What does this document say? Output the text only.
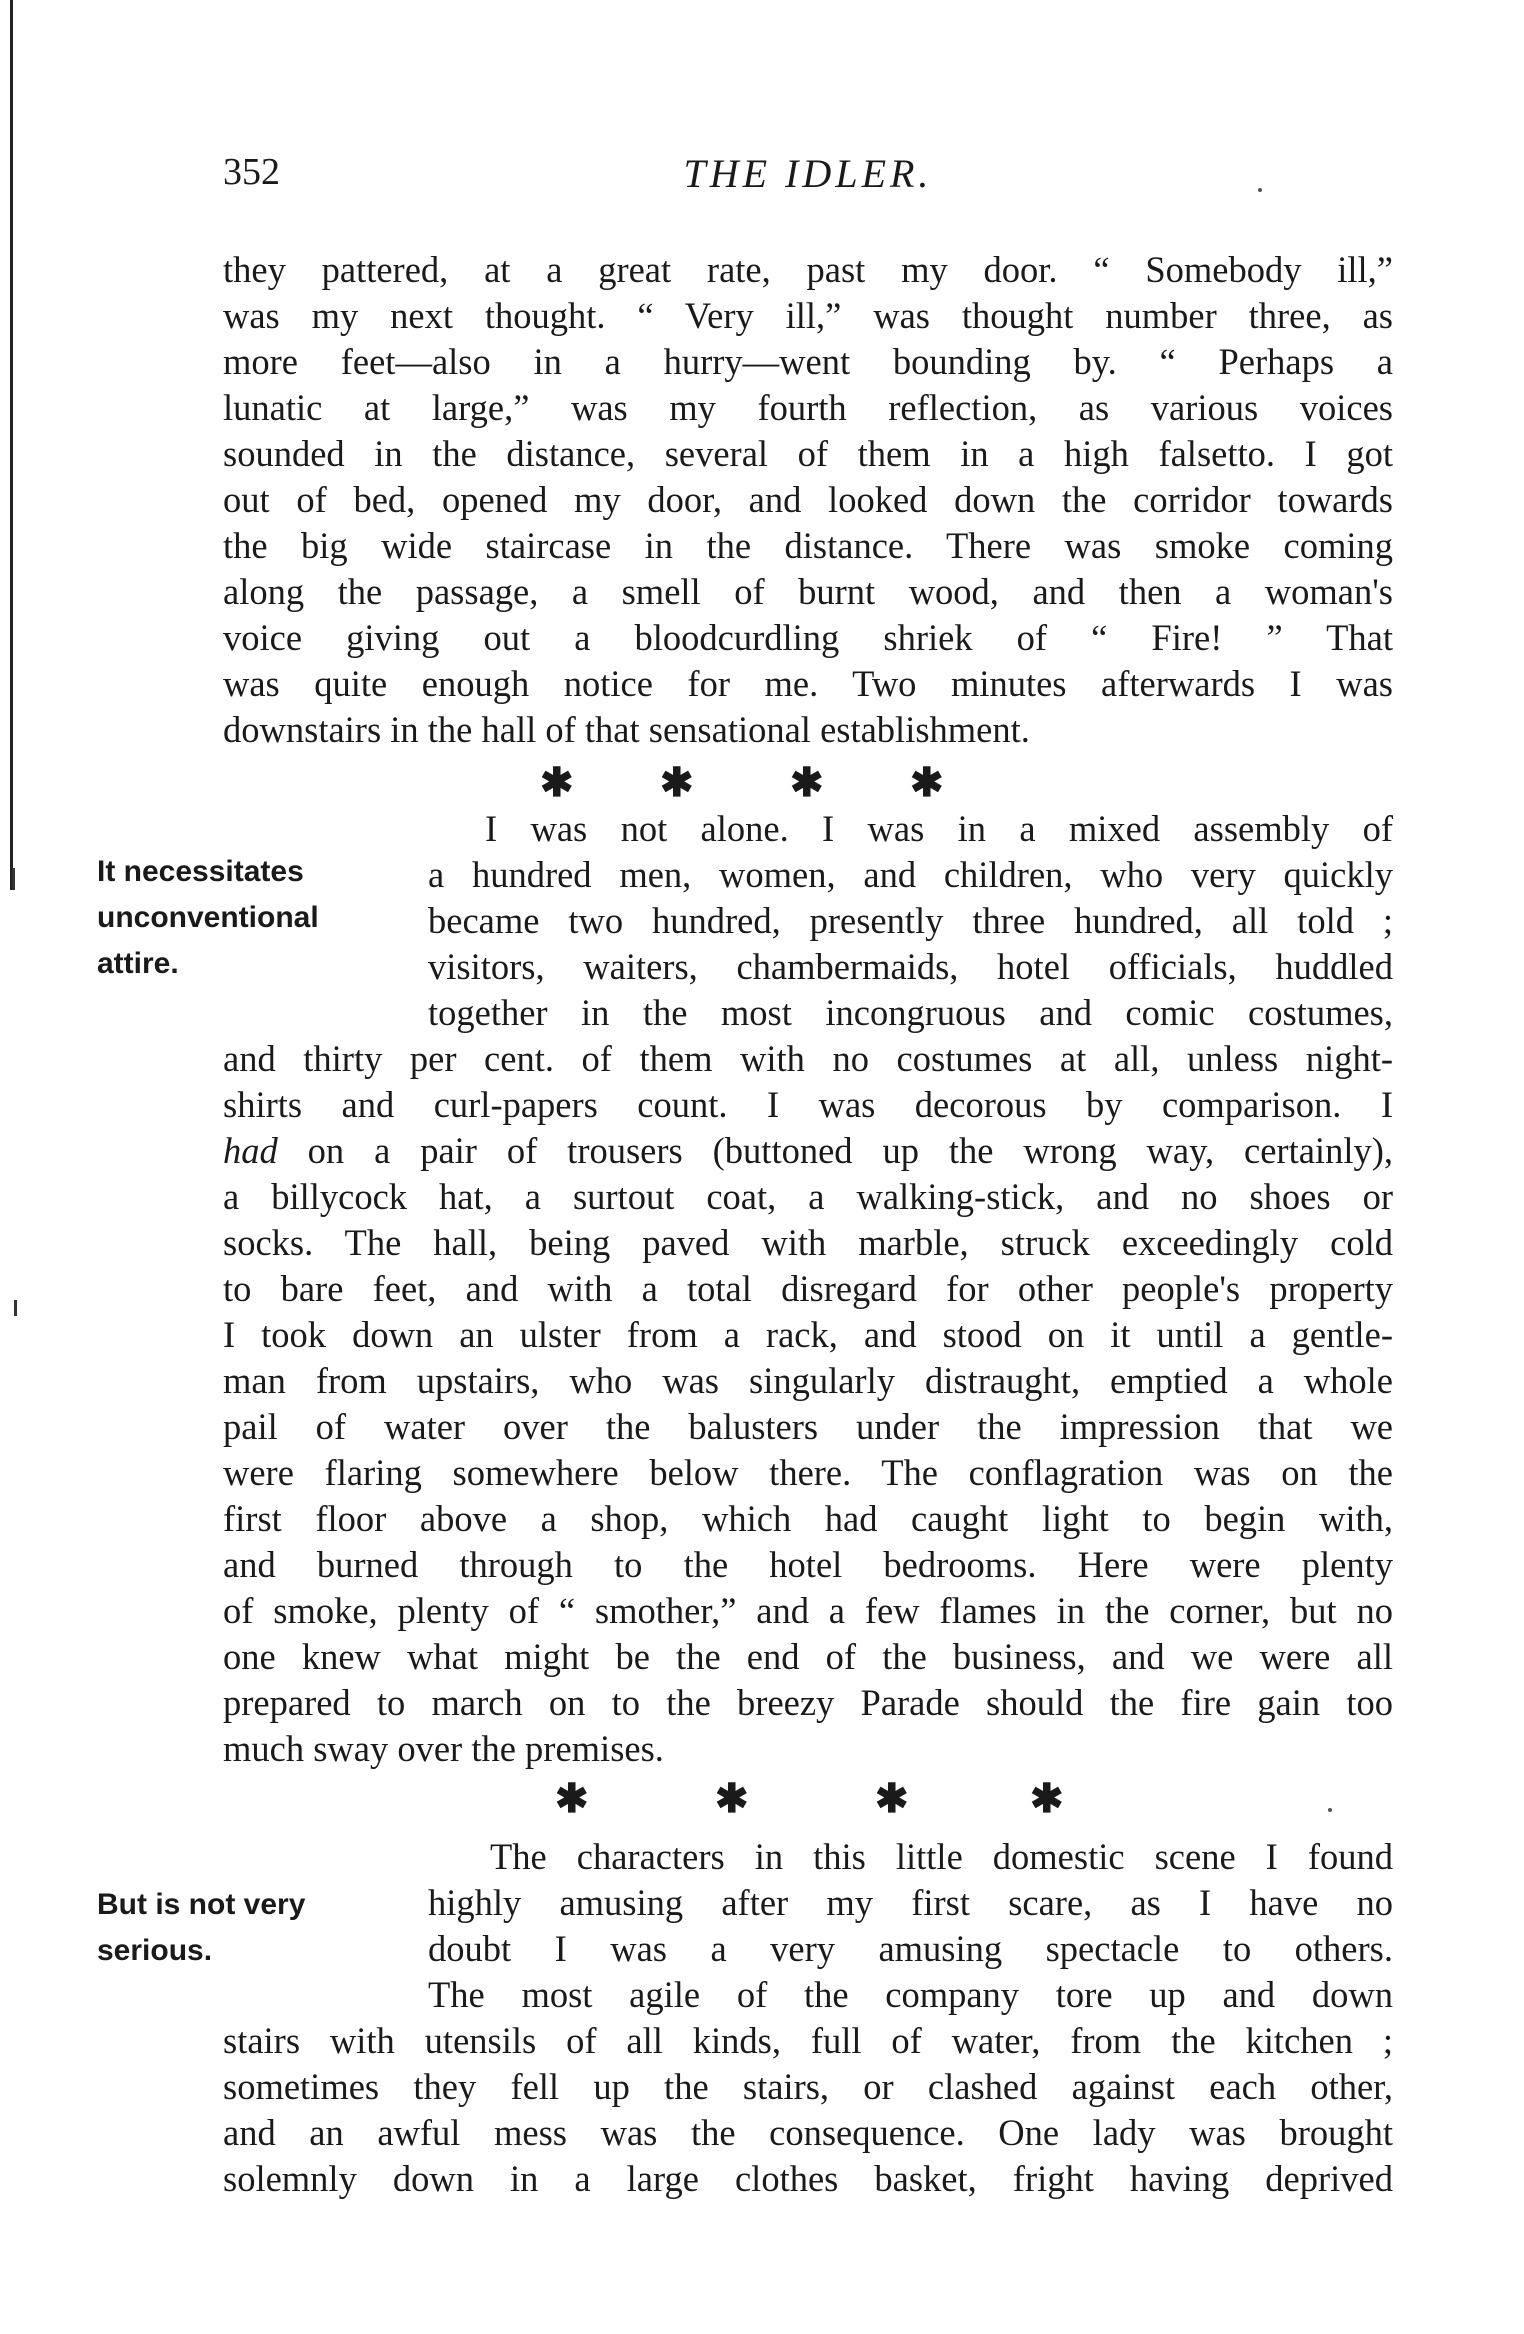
352	THE IDLER.
they pattered, at a great rate, past my door. “ Somebody ill,”
was my next thought. “ Very ill,” was thought number three, as
more feet—also in a hurry—went bounding by. “ Perhaps a
lunatic at large,” was my fourth reflection, as various voices
sounded in the distance, several of them in a high falsetto. I got
out of bed, opened my door, and looked down the corridor towards
the big wide staircase in the distance. There was smoke coming
along the passage, a smell of burnt wood, and then a woman's
voice giving out a bloodcurdling shriek of “ Fire! ” That
was quite enough notice for me. Two minutes afterwards I was
downstairs in the hall of that sensational establishment.
✱ ✱ ✱ ✱
It necessitates
unconventional
attire.
I was not alone. I was in a mixed assembly of
a hundred men, women, and children, who very quickly
became two hundred, presently three hundred, all told ;
visitors, waiters, chambermaids, hotel officials, huddled
together in the most incongruous and comic costumes,
and thirty per cent. of them with no costumes at all, unless night-
shirts and curl-papers count. I was decorous by comparison. I
had on a pair of trousers (buttoned up the wrong way, certainly),
a billycock hat, a surtout coat, a walking-stick, and no shoes or
socks. The hall, being paved with marble, struck exceedingly cold
to bare feet, and with a total disregard for other people's property
I took down an ulster from a rack, and stood on it until a gentle-
man from upstairs, who was singularly distraught, emptied a whole
pail of water over the balusters under the impression that we
were flaring somewhere below there. The conflagration was on the
first floor above a shop, which had caught light to begin with,
and burned through to the hotel bedrooms. Here were plenty
of smoke, plenty of “ smother,” and a few flames in the corner, but no
one knew what might be the end of the business, and we were all
prepared to march on to the breezy Parade should the fire gain too
much sway over the premises.
✱	✱	✱	✱
But is not very
serious.
The characters in this little domestic scene I found
highly amusing after my first scare, as I have no
doubt I was a very amusing spectacle to others.
The most agile of the company tore up and down
stairs with utensils of all kinds, full of water, from the kitchen ;
sometimes they fell up the stairs, or clashed against each other,
and an awful mess was the consequence. One lady was brought
solemnly down in a large clothes basket, fright having deprived
